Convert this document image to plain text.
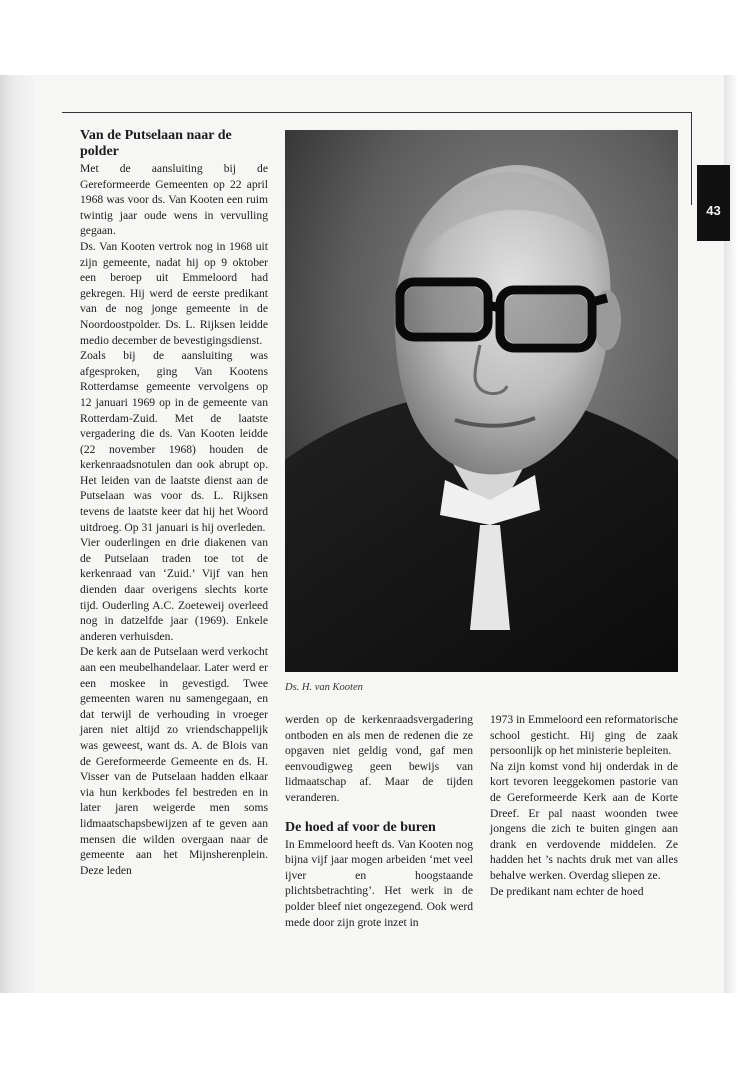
43
Van de Putselaan naar de polder

Met de aansluiting bij de Gereformeerde Gemeenten op 22 april 1968 was voor ds. Van Kooten een ruim twintig jaar oude wens in vervulling gegaan.

Ds. Van Kooten vertrok nog in 1968 uit zijn gemeente, nadat hij op 9 oktober een beroep uit Emmeloord had gekregen. Hij werd de eerste predikant van de nog jonge gemeente in de Noordoostpolder. Ds. L. Rijksen leidde medio december de bevestigingsdienst.

Zoals bij de aansluiting was afgesproken, ging Van Kootens Rotterdamse gemeente vervolgens op 12 januari 1969 op in de gemeente van Rotterdam-Zuid. Met de laatste vergadering die ds. Van Kooten leidde (22 november 1968) houden de kerkenraadsnotulen dan ook abrupt op. Het leiden van de laatste dienst aan de Putselaan was voor ds. L. Rijksen tevens de laatste keer dat hij het Woord uitdroeg. Op 31 januari is hij overleden.

Vier ouderlingen en drie diakenen van de Putselaan traden toe tot de kerkenraad van ‘Zuid.’ Vijf van hen dienden daar overigens slechts korte tijd. Ouderling A.C. Zoeteweij overleed nog in datzelfde jaar (1969). Enkele anderen verhuisden.

De kerk aan de Putselaan werd verkocht aan een meubelhandelaar. Later werd er een moskee in gevestigd. Twee gemeenten waren nu samengegaan, en dat terwijl de verhouding in vroeger jaren niet altijd zo vriendschappelijk was geweest, want ds. A. de Blois van de Gereformeerde Gemeente en ds. H. Visser van de Putselaan hadden elkaar via hun kerkbodes fel bestreden en in later jaren weigerde men soms lidmaatschapsbewijzen af te geven aan mensen die wilden overgaan naar de gemeente aan het Mijnsherenplein. Deze leden

Ds. H. van Kooten

werden op de kerkenraadsvergadering ontboden en als men de redenen die ze opgaven niet geldig vond, gaf men eenvoudigweg geen bewijs van lidmaatschap af. Maar de tijden veranderen.

De hoed af voor de buren

In Emmeloord heeft ds. Van Kooten nog bijna vijf jaar mogen arbeiden ‘met veel ijver en hoogstaande plichtsbetrachting’. Het werk in de polder bleef niet ongezegend. Ook werd mede door zijn grote inzet in

1973 in Emmeloord een reformatorische school gesticht. Hij ging de zaak persoonlijk op het ministerie bepleiten.

Na zijn komst vond hij onderdak in de kort tevoren leeggekomen pastorie van de Gereformeerde Kerk aan de Korte Dreef. Er pal naast woonden twee jongens die zich te buiten gingen aan drank en verdovende middelen. Ze hadden het ’s nachts druk met van alles behalve werken. Overdag sliepen ze.

De predikant nam echter de hoed
